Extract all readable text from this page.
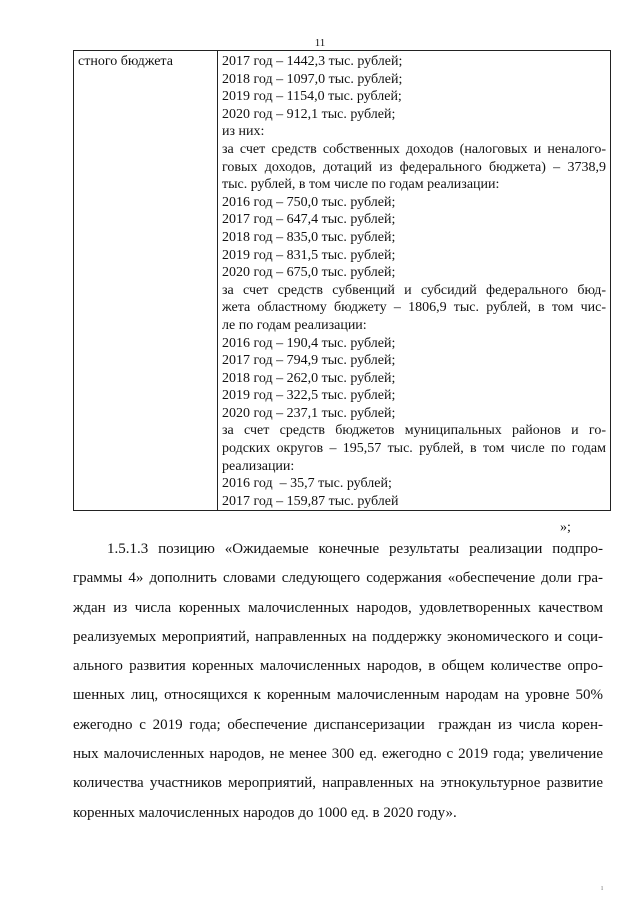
11
стного бюджета	2017 год – 1442,3 тыс. рублей;
2018 год – 1097,0 тыс. рублей;
2019 год – 1154,0 тыс. рублей;
2020 год – 912,1 тыс. рублей;
из них:
за счет средств собственных доходов (налоговых и неналого-
говых доходов, дотаций из федерального бюджета) – 3738,9
тыс. рублей, в том числе по годам реализации:
2016 год – 750,0 тыс. рублей;
2017 год – 647,4 тыс. рублей;
2018 год – 835,0 тыс. рублей;
2019 год – 831,5 тыс. рублей;
2020 год – 675,0 тыс. рублей;
за счет средств субвенций и субсидий федерального бюд-
жета областному бюджету – 1806,9 тыс. рублей, в том чис-
ле по годам реализации:
2016 год – 190,4 тыс. рублей;
2017 год – 794,9 тыс. рублей;
2018 год – 262,0 тыс. рублей;
2019 год – 322,5 тыс. рублей;
2020 год – 237,1 тыс. рублей;
за счет средств бюджетов муниципальных районов и го-
родских округов – 195,57 тыс. рублей, в том числе по годам
реализации:
2016 год  – 35,7 тыс. рублей;
2017 год – 159,87 тыс. рублей
»;
1.5.1.3 позицию «Ожидаемые конечные результаты реализации подпро-
граммы 4» дополнить словами следующего содержания «обеспечение доли гра-
ждан из числа коренных малочисленных народов, удовлетворенных качеством
реализуемых мероприятий, направленных на поддержку экономического и соци-
ального развития коренных малочисленных народов, в общем количестве опро-
шенных лиц, относящихся к коренным малочисленным народам на уровне 50%
ежегодно с 2019 года; обеспечение диспансеризации  граждан из числа корен-
ных малочисленных народов, не менее 300 ед. ежегодно с 2019 года; увеличение
количества участников мероприятий, направленных на этнокультурное развитие
коренных малочисленных народов до 1000 ед. в 2020 году».
ı
